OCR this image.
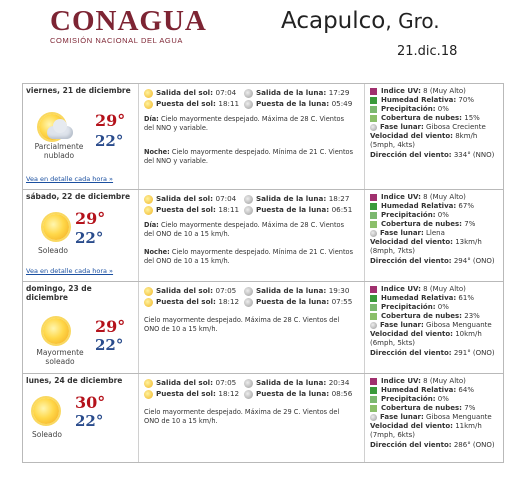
CONAGUA
COMISIÓN NACIONAL DEL AGUA
Acapulco, Gro.
21.dic.18
viernes, 21 de diciembre
29°
22°
Parcialmente nublado
Vea en detalle cada hora »
Salida del sol: 07:04
Puesta del sol: 18:11
Salida de la luna: 17:29
Puesta de la luna: 05:49
Día: Cielo mayormente despejado. Máxima de 28 C. Vientos del NNO y variable.
Noche: Cielo mayormente despejado. Mínima de 21 C. Vientos del NNO y variable.
Indice UV: 8 (Muy Alto)
Humedad Relativa: 70%
Precipitación: 0%
Cobertura de nubes: 15%
Fase lunar: Gibosa Creciente
Velocidad del viento: 8km/h
(5mph, 4kts)
Dirección del viento: 334° (NNO)
sábado, 22 de diciembre
29°
22°
Soleado
Vea en detalle cada hora »
Salida del sol: 07:04
Puesta del sol: 18:11
Salida de la luna: 18:27
Puesta de la luna: 06:51
Día: Cielo mayormente despejado. Máxima de 28 C. Vientos del ONO de 10 a 15 km/h.
Noche: Cielo mayormente despejado. Mínima de 21 C. Vientos del ONO de 10 a 15 km/h.
Indice UV: 8 (Muy Alto)
Humedad Relativa: 67%
Precipitación: 0%
Cobertura de nubes: 7%
Fase lunar: Llena
Velocidad del viento: 13km/h
(8mph, 7kts)
Dirección del viento: 294° (ONO)
domingo, 23 de diciembre
29°
22°
Mayormente soleado
Salida del sol: 07:05
Puesta del sol: 18:12
Salida de la luna: 19:30
Puesta de la luna: 07:55
Cielo mayormente despejado. Máxima de 28 C. Vientos del ONO de 10 a 15 km/h.
Indice UV: 8 (Muy Alto)
Humedad Relativa: 61%
Precipitación: 0%
Cobertura de nubes: 23%
Fase lunar: Gibosa Menguante
Velocidad del viento: 10km/h
(6mph, 5kts)
Dirección del viento: 291° (ONO)
lunes, 24 de diciembre
30°
22°
Soleado
Salida del sol: 07:05
Puesta del sol: 18:12
Salida de la luna: 20:34
Puesta de la luna: 08:56
Cielo mayormente despejado. Máxima de 29 C. Vientos del ONO de 10 a 15 km/h.
Indice UV: 8 (Muy Alto)
Humedad Relativa: 64%
Precipitación: 0%
Cobertura de nubes: 7%
Fase lunar: Gibosa Menguante
Velocidad del viento: 11km/h
(7mph, 6kts)
Dirección del viento: 286° (ONO)
